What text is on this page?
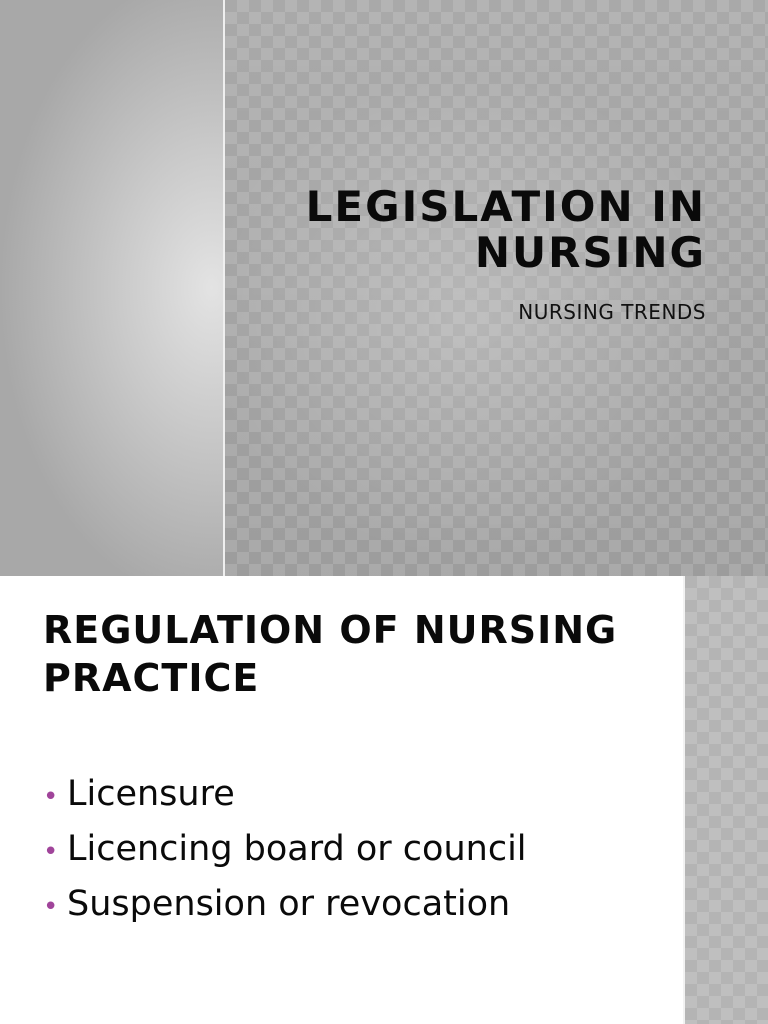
LEGISLATION IN NURSING
NURSING TRENDS
REGULATION OF NURSING PRACTICE
• Licensure
• Licencing board or council
• Suspension or revocation
